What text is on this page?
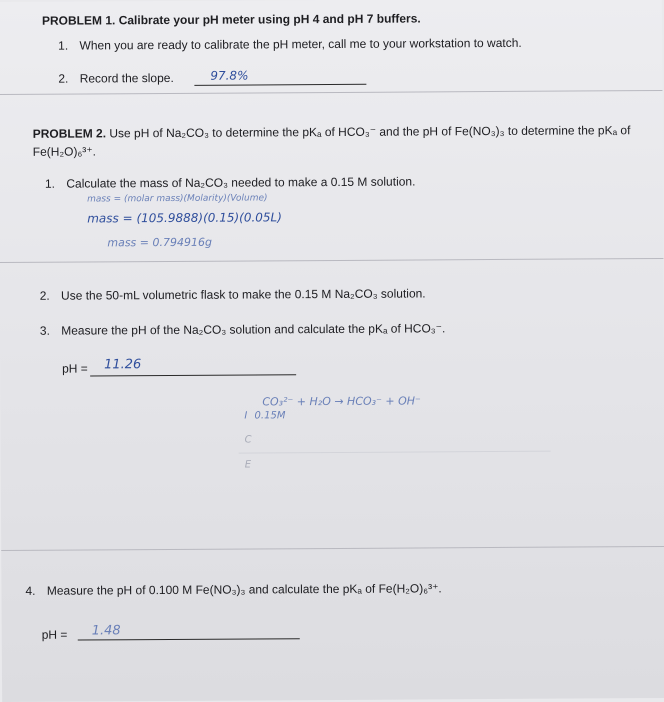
PROBLEM 1. Calibrate your pH meter using pH 4 and pH 7 buffers.
1. When you are ready to calibrate the pH meter, call me to your workstation to watch.
2. Record the slope.	97.8%
PROBLEM 2. Use pH of Na₂CO₃ to determine the pKₐ of HCO₃⁻ and the pH of Fe(NO₃)₃ to determine the pKₐ of
Fe(H₂O)₆³⁺.
1. Calculate the mass of Na₂CO₃ needed to make a 0.15 M solution.
mass = (molar mass)(Molarity)(Volume)
mass = (105.9888)(0.15)(0.05L)
mass = 0.794916g
2. Use the 50-mL volumetric flask to make the 0.15 M Na₂CO₃ solution.
3. Measure the pH of the Na₂CO₃ solution and calculate the pKₐ of HCO₃⁻.
pH = 11.26
CO₃²⁻ + H₂O → HCO₃⁻ + OH⁻
I 0.15M
C
E
4. Measure the pH of 0.100 M Fe(NO₃)₃ and calculate the pKₐ of Fe(H₂O)₆³⁺.
pH = 1.48
